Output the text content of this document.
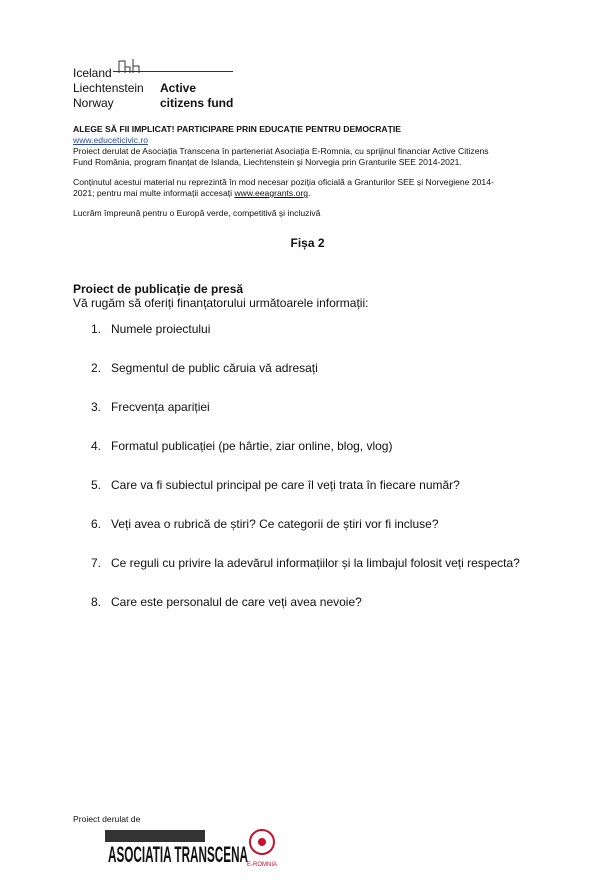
Iceland
Liechtenstein
Norway
Active
citizens fund
ALEGE SĂ FII IMPLICAT! PARTICIPARE PRIN EDUCAȚIE PENTRU DEMOCRAȚIE
www.educeticivic.ro
Proiect derulat de Asociația Transcena în parteneriat Asociația E-Romnia, cu sprijinul financiar Active Citizens
Fund România, program finanțat de Islanda, Liechtenstein și Norvegia prin Granturile SEE 2014-2021.
Conținutul acestui material nu reprezintă în mod necesar poziția oficială a Granturilor SEE și Norvegiene 2014-
2021; pentru mai multe informații accesați www.eeagrants.org.
Lucrăm împreună pentru o Europă verde, competitivă și incluzivă
Fișa 2
Proiect de publicație de presă
Vă rugăm să oferiți finanțatorului următoarele informații:
1. Numele proiectului
2. Segmentul de public căruia vă adresați
3. Frecvența apariției
4. Formatul publicației (pe hârtie, ziar online, blog, vlog)
5. Care va fi subiectul principal pe care îl veți trata în fiecare număr?
6. Veți avea o rubrică de știri? Ce categorii de știri vor fi incluse?
7. Ce reguli cu privire la adevărul informațiilor și la limbajul folosit veți respecta?
8. Care este personalul de care veți avea nevoie?
Proiect derulat de
ASOCIATIA TRANSCENA
E-ROMNIA
